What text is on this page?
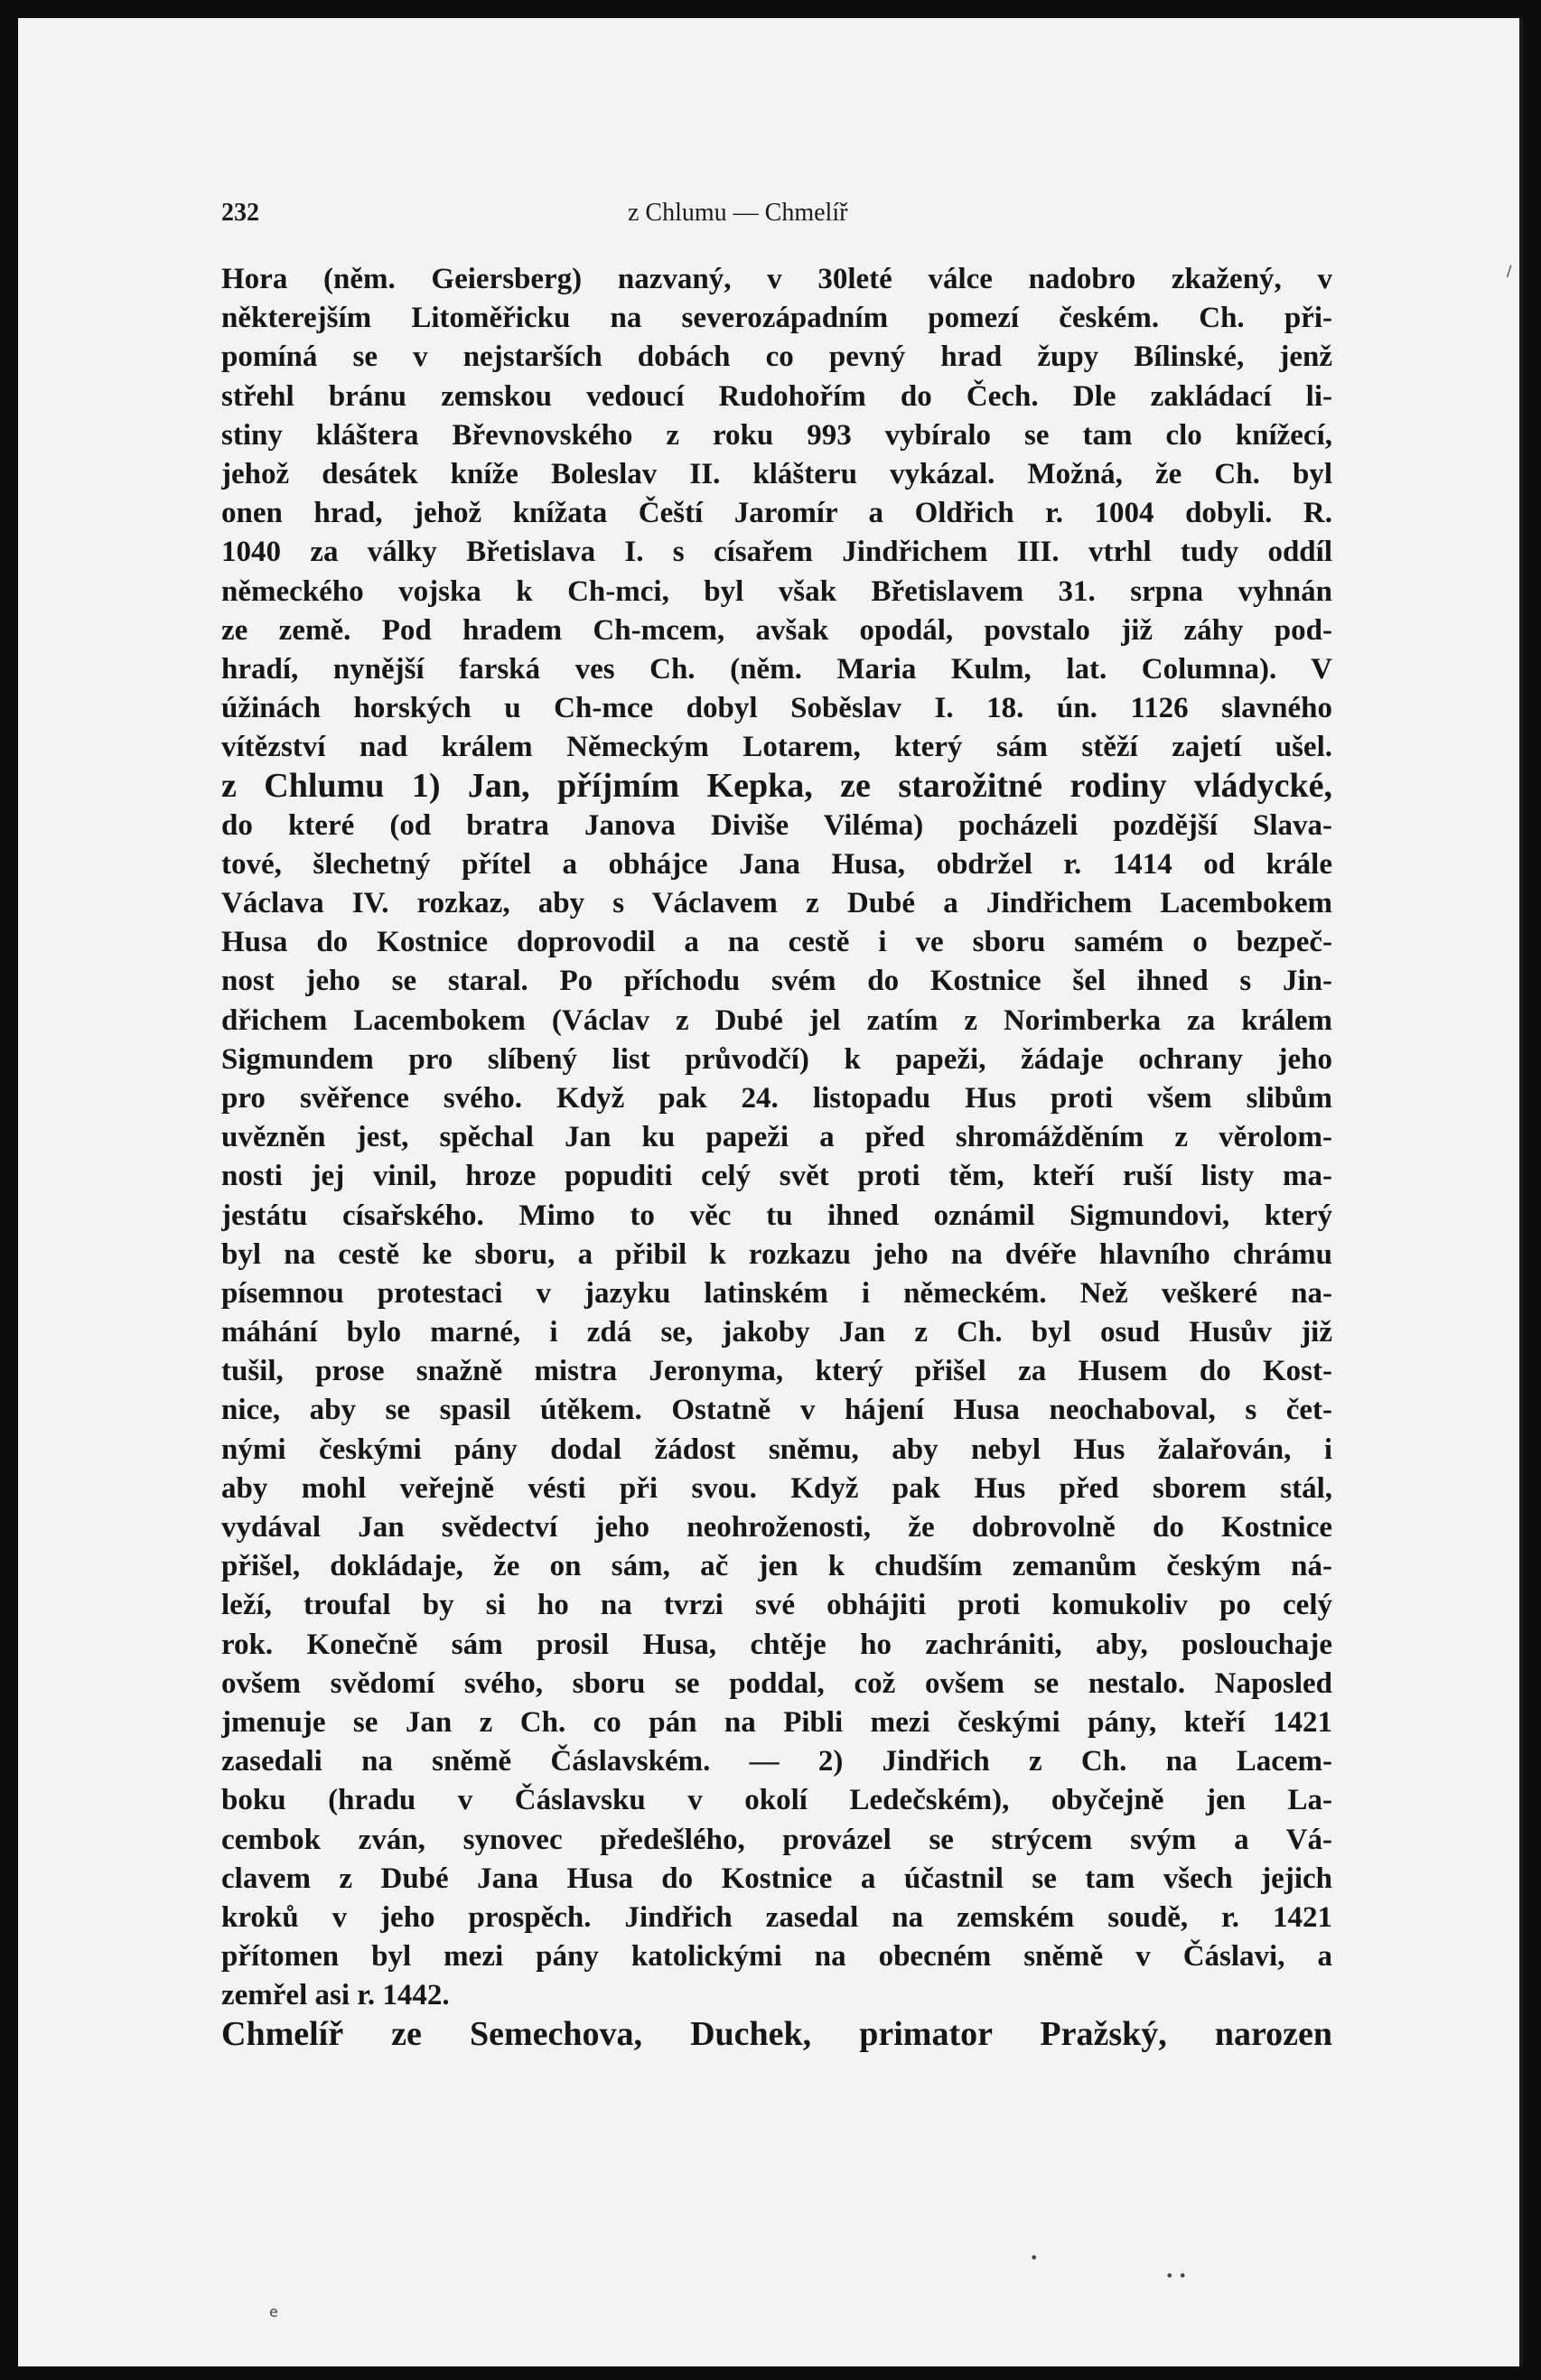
232	z Chlumu — Chmelíř
Hora (něm. Geiersberg) nazvaný, v 30leté válce nadobro zkažený, v
některejším Litoměřicku na severozápadním pomezí českém. Ch. při-
pomíná se v nejstarších dobách co pevný hrad župy Bílinské, jenž
střehl bránu zemskou vedoucí Rudohořím do Čech. Dle zakládací li-
stiny kláštera Břevnovského z roku 993 vybíralo se tam clo knížecí,
jehož desátek kníže Boleslav II. klášteru vykázal. Možná, že Ch. byl
onen hrad, jehož knížata Čeští Jaromír a Oldřich r. 1004 dobyli. R.
1040 za války Břetislava I. s císařem Jindřichem III. vtrhl tudy oddíl
německého vojska k Ch-mci, byl však Břetislavem 31. srpna vyhnán
ze země. Pod hradem Ch-mcem, avšak opodál, povstalo již záhy pod-
hradí, nynější farská ves Ch. (něm. Maria Kulm, lat. Columna). V
úžinách horských u Ch-mce dobyl Soběslav I. 18. ún. 1126 slavného
vítězství nad králem Německým Lotarem, který sám stěží zajetí ušel.
z Chlumu 1) Jan, příjmím Kepka, ze starožitné rodiny vládycké,
do které (od bratra Janova Diviše Viléma) pocházeli pozdější Slava-
tové, šlechetný přítel a obhájce Jana Husa, obdržel r. 1414 od krále
Václava IV. rozkaz, aby s Václavem z Dubé a Jindřichem Lacembokem
Husa do Kostnice doprovodil a na cestě i ve sboru samém o bezpeč-
nost jeho se staral. Po příchodu svém do Kostnice šel ihned s Jin-
dřichem Lacembokem (Václav z Dubé jel zatím z Norimberka za králem
Sigmundem pro slíbený list průvodčí) k papeži, žádaje ochrany jeho
pro svěřence svého. Když pak 24. listopadu Hus proti všem slibům
uvězněn jest, spěchal Jan ku papeži a před shromážděním z věrolom-
nosti jej vinil, hroze popuditi celý svět proti těm, kteří ruší listy ma-
jestátu císařského. Mimo to věc tu ihned oznámil Sigmundovi, který
byl na cestě ke sboru, a přibil k rozkazu jeho na dvéře hlavního chrámu
písemnou protestaci v jazyku latinském i německém. Než veškeré na-
máhání bylo marné, i zdá se, jakoby Jan z Ch. byl osud Husův již
tušil, prose snažně mistra Jeronyma, který přišel za Husem do Kost-
nice, aby se spasil útěkem. Ostatně v hájení Husa neochaboval, s čet-
nými českými pány dodal žádost sněmu, aby nebyl Hus žalařován, i
aby mohl veřejně vésti při svou. Když pak Hus před sborem stál,
vydával Jan svědectví jeho neohroženosti, že dobrovolně do Kostnice
přišel, dokládaje, že on sám, ač jen k chudším zemanům českým ná-
leží, troufal by si ho na tvrzi své obhájiti proti komukoliv po celý
rok. Konečně sám prosil Husa, chtěje ho zachrániti, aby, poslouchaje
ovšem svědomí svého, sboru se poddal, což ovšem se nestalo. Naposled
jmenuje se Jan z Ch. co pán na Pibli mezi českými pány, kteří 1421
zasedali na sněmě Čáslavském. — 2) Jindřich z Ch. na Lacem-
boku (hradu v Čáslavsku v okolí Ledečském), obyčejně jen La-
cembok zván, synovec předešlého, provázel se strýcem svým a Vá-
clavem z Dubé Jana Husa do Kostnice a účastnil se tam všech jejich
kroků v jeho prospěch. Jindřich zasedal na zemském soudě, r. 1421
přítomen byl mezi pány katolickými na obecném sněmě v Čáslavi, a
zemřel asi r. 1442.
Chmelíř ze Semechova, Duchek, primator Pražský, narozen
e
•
• •
/
